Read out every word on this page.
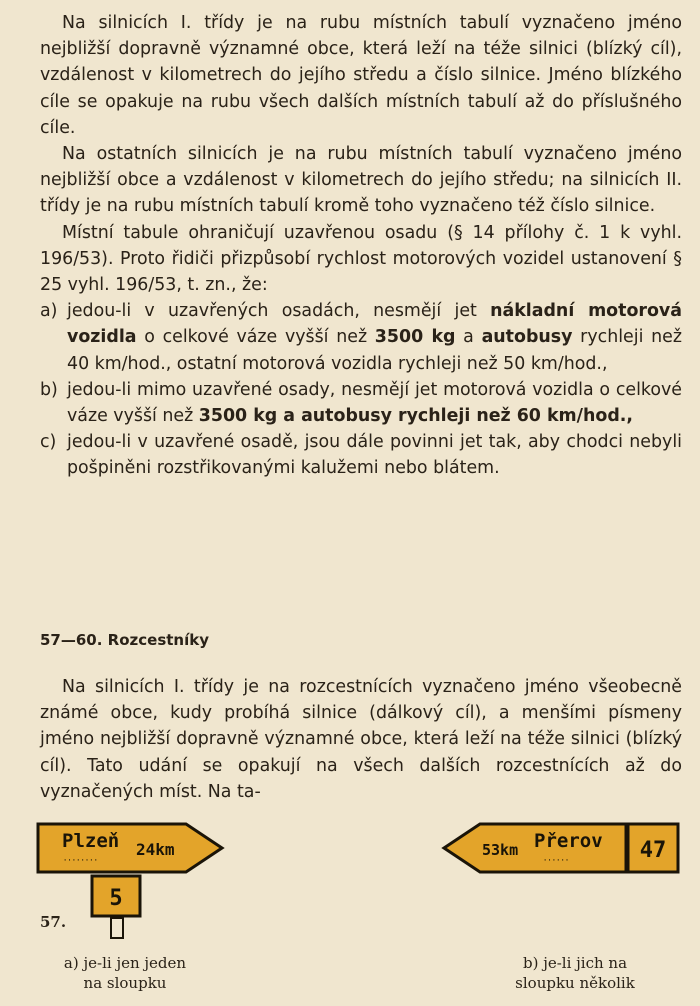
Na silnicích I. třídy je na rubu místních tabulí vyznačeno jméno nejbližší dopravně významné obce, která leží na téže silnici (blízký cíl), vzdálenost v kilometrech do jejího středu a číslo silnice. Jméno blízkého cíle se opakuje na rubu všech dalších místních tabulí až do příslušného cíle.

Na ostatních silnicích je na rubu místních tabulí vyznačeno jméno nejbližší obce a vzdálenost v kilometrech do jejího středu; na silnicích II. třídy je na rubu místních tabulí kromě toho vyznačeno též číslo silnice.

Místní tabule ohraničují uzavřenou osadu (§ 14 přílohy č. 1 k vyhl. 196/53). Proto řidiči přizpůsobí rychlost motorových vozidel ustanovení § 25 vyhl. 196/53, t. zn., že:

a) jedou-li v uzavřených osadách, nesmějí jet nákladní motorová vozidla o celkové váze vyšší než 3500 kg a autobusy rychleji než 40 km/hod., ostatní motorová vozidla rychleji než 50 km/hod.,
b) jedou-li mimo uzavřené osady, nesmějí jet motorová vozidla o celkové váze vyšší než 3500 kg a autobusy rychleji než 60 km/hod.,
c) jedou-li v uzavřené osadě, jsou dále povinni jet tak, aby chodci nebyli pošpiněni rozstřikovanými kalužemi nebo blátem.
57—60. Rozcestníky

Na silnicích I. třídy je na rozcestnících vyznačeno jméno všeobecně známé obce, kudy probíhá silnice (dálkový cíl), a menšími písmeny jméno nejbližší dopravně významné obce, která leží na téže silnici (blízký cíl). Tato udání se opakují na všech dalších rozcestnících až do vyznačených míst. Na ta-

Plzeň
· · · · · · · ·
24km
5
57.
53km Přerov
· · · · · ·	47
a) je-li jen jeden
na sloupku
b) je-li jich na
sloupku několik
